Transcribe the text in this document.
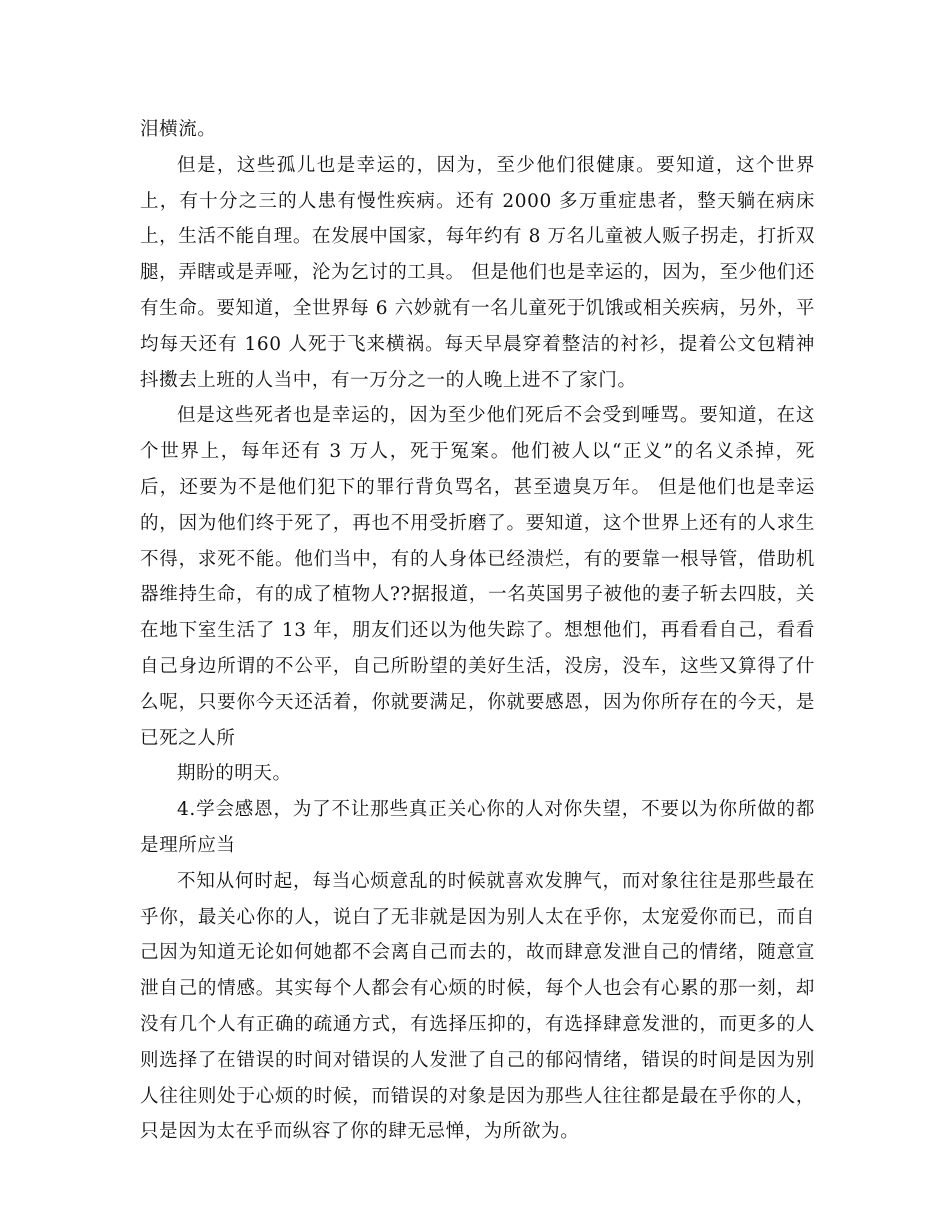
泪横流。

但是，这些孤儿也是幸运的，因为，至少他们很健康。要知道，这个世界上，有十分之三的人患有慢性疾病。还有 2000 多万重症患者，整天躺在病床上，生活不能自理。在发展中国家，每年约有 8 万名儿童被人贩子拐走，打折双腿，弄瞎或是弄哑，沦为乞讨的工具。 但是他们也是幸运的，因为，至少他们还有生命。要知道，全世界每 6 六妙就有一名儿童死于饥饿或相关疾病，另外，平均每天还有 160 人死于飞来横祸。每天早晨穿着整洁的衬衫，提着公文包精神抖擞去上班的人当中，有一万分之一的人晚上进不了家门。

但是这些死者也是幸运的，因为至少他们死后不会受到唾骂。要知道，在这个世界上，每年还有 3 万人，死于冤案。他们被人以“正义”的名义杀掉，死后，还要为不是他们犯下的罪行背负骂名，甚至遗臭万年。 但是他们也是幸运的，因为他们终于死了，再也不用受折磨了。要知道，这个世界上还有的人求生不得，求死不能。他们当中，有的人身体已经溃烂，有的要靠一根导管，借助机器维持生命，有的成了植物人??据报道，一名英国男子被他的妻子斩去四肢，关在地下室生活了 13 年，朋友们还以为他失踪了。想想他们，再看看自己，看看自己身边所谓的不公平，自己所盼望的美好生活，没房，没车，这些又算得了什么呢，只要你今天还活着，你就要满足，你就要感恩，因为你所存在的今天，是已死之人所

期盼的明天。

4.学会感恩，为了不让那些真正关心你的人对你失望，不要以为你所做的都是理所应当

不知从何时起，每当心烦意乱的时候就喜欢发脾气，而对象往往是那些最在乎你，最关心你的人，说白了无非就是因为别人太在乎你，太宠爱你而已，而自己因为知道无论如何她都不会离自己而去的，故而肆意发泄自己的情绪，随意宣泄自己的情感。其实每个人都会有心烦的时候，每个人也会有心累的那一刻，却没有几个人有正确的疏通方式，有选择压抑的，有选择肆意发泄的，而更多的人则选择了在错误的时间对错误的人发泄了自己的郁闷情绪，错误的时间是因为别人往往则处于心烦的时候，而错误的对象是因为那些人往往都是最在乎你的人，只是因为太在乎而纵容了你的肆无忌惮，为所欲为。
